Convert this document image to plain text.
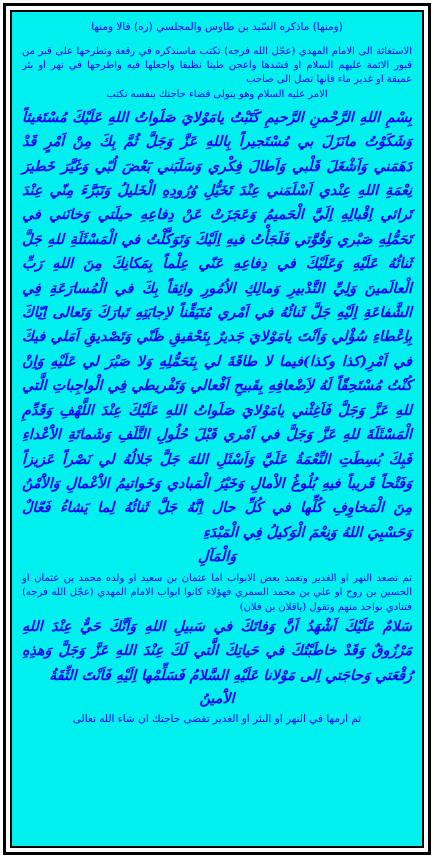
(ومنها) ماذكره السّيد بن طاوس والمجلسي (ره) قالا ومنها

الاستغاثة الى الامام المهدي (عجّل الله فرجه) تكتب ماسنذكره في رقعة وتطرحها على قبر من قبور الائمة عليهم السلام او فشدها واعجن طينا نظيفا واجعلها فيه واطرحها في نهر او بئر عميقة او غدير ماء فانها تصل الى صاحب

الامر عليه السلام وهو يتولى قضاء حاجتك بنفسه تكتب

بِسْمِ اللهِ الرَّحْمنِ الرَّحيمِ كَتَبْتُ يامَوْلايَ صَلَواتُ اللهِ عَلَيْكَ مُسْتَغيثاً وَشَكَوْتُ مانَزَلَ بي مُسْتَجيراً بِاللهِ عَزَّ وَجَلَّ ثُمَّ بِكَ مِنْ اَمْرٍ قَدْ دَهَمَني وَاَشْغَلَ قَلْبي وَاَطالَ فِكْري وَسَلَبَني بَعْضَ لُبّي وَغَيَّرَ خَطيرَ نِعْمَةِ اللهِ عِنْدي اَسْلَمَني عِنْدَ تَخَيُّلِ وُرُودِهِ الْخَليلُ وَتَبَرَّءَ مِنّي عِنْدَ تَرائي اِقْبالِهِ اِلَيَّ الْحَميمُ وَعَجَزَتْ عَنْ دِفاعِهِ حيلَتي وَخانَني في تَحَمُّلِهِ صَبْري وَقُوَّتي فَلَجَأْتُ فيهِ اِلَيْكَ وَتَوَكَّلْتُ في الْمَسْئَلَةِ للهِ جَلَّ ثَنائُهُ عَلَيْهِ وَعَلَيْكَ في دِفاعِهِ عَنّي عِلْماً بِمَكانِكَ مِنَ اللهِ رَبِّ الْعالَمينَ وَلِيِّ التَّدْبيرِ وَمالِكِ الاُمُورِ واثِقاً بِكَ في الْمُسارَعَةِ فِي الشَّفاعَةِ اِلَيْهِ جَلَّ ثَنائُهُ في اَمْري مُتَيَقِّناً لاِجابَتِهِ تَبارَكَ وَتَعالى اِيّاكَ بِاِعْطاءِ سُؤْلي وَاَنْتَ يامَوْلايَ جَديرٌ بِتَحْقيقِ ظَنّي وَتَصْديقِ اَمَلي فيكَ في اَمْرِ(كذا وكذا)فيما لا طاقَةَ لي بِتَحَمُّلِهِ وَلا صَبْرَ لي عَلَيْهِ وَاِنْ كُنْتُ مُسْتَحِقّاً لَهُ لاَِضْعافِهِ بِقَبيحِ اَفْعالي وَتَفْريطي فِي الْواجِباتِ الَّتي للهِ عَزَّ وَجَلَّ فَاَغِثْني يامَوْلايَ صَلَواتُ اللهِ عَلَيْكَ عِنْدَ اللَّهْفِ وَقَدِّمِ الْمَسْئَلَةَ للهِ عَزَّ وَجَلَّ في اَمْري قَبْلَ حُلُولِ التَّلَفِ وَشَماتَةِ الاَْعْداءِ فَبِكَ بُسِطَتِ النِّعْمَةُ عَلَيَّ وَاَسْئَلِ اللهَ جَلَّ جَلالُهُ لي نَصْراً عَزيزاً وَفَتْحاً قَريباً فيهِ بُلُوغُ الاْمالِ وَخَيْرُ الْمَبادي وَخَواتيمُ الاَْعْمالِ وَالاَْمْنُ مِنَ الْمَخاوِفِ كُلِّها في كُلِّ حال اِنَّهُ جَلَّ ثَنائُهُ لِما يَشاءُ فَعّالٌ وَحَسْبِيَ اللهُ وَنِعْمَ الْوَكيلُ فِي الْمَبْدَءِ

وَالْمَآلِ

ثم تصعد النهر او الغدير وتعمد بعض الابواب اما عثمان بن سعيد او ولده محمد بن عثمان او الحسين بن روح او علي بن محمد السمري فهؤلاء كانوا ابواب الامام المهدي (عجّل الله فرجه) فتنادي بواحد منهم وتقول (ياقلان بن فلان)

سَلامٌ عَلَيْكَ اَشْهَدُ اَنَّ وَفاتَكَ في سَبيلِ اللهِ وَاَنَّكَ حَيٌّ عِنْدَ اللهِ مَرْزُوقٌ وَقَدْ خاطَبْتُكَ في حَياتِكَ الَّتي لَكَ عِنْدَ اللهِ عَزَّ وَجَلَّ وَهذِهِ رُقْعَتي وَحاجَتي اِلى مَوْلانا عَلَيْهِ السَّلامُ فَسَلِّمْها اِلَيْهِ فَاَنْتَ الثِّقَةُ

الاَْمينُ

ثم ارمها في النهر او البئر او الغدير تقضى حاجتك ان شاء الله تعالى
